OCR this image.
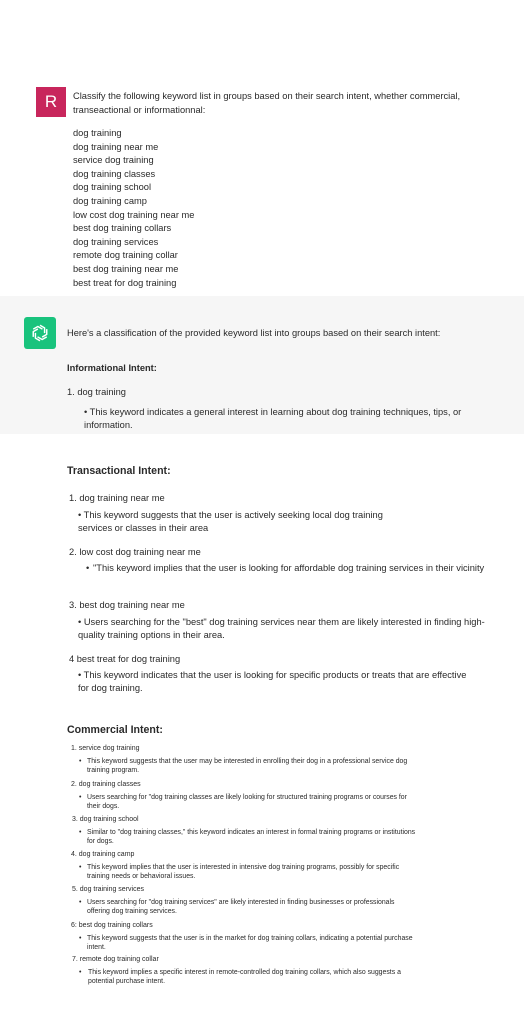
R	Classify the following keyword list in groups based on their search intent, whether commercial, transeactional or informationnal:
dog training
dog training near me
service dog training
dog training classes
dog training school
dog training camp
low cost dog training near me
best dog training collars
dog training services
remote dog training collar
best dog training near me
best treat for dog training
Here's a classification of the provided keyword list into groups based on their search intent:
Informational Intent:
1. dog training
• This keyword indicates a general interest in learning about dog training techniques, tips, or information.
Transactional Intent:
1. dog training near me
• This keyword suggests that the user is actively seeking local dog training services or classes in their area
2. low cost dog training near me
• "This keyword implies that the user is looking for affordable dog training services in their vicinity
3. best dog training near me
• Users searching for the "best" dog training services near them are likely interested in finding high-quality training options in their area.
4 best treat for dog training
• This keyword indicates that the user is looking for specific products or treats that are effective for dog training.
Commercial Intent:
1. service dog training
• This keyword suggests that the user may be interested in enrolling their dog in a professional service dog training program.
2. dog training classes
• Users searching for "dog training classes are likely looking for structured training programs or courses for their dogs.
3. dog training school
• Similar to "dog training classes," this keyword indicates an interest in formal training programs or institutions for dogs.
4. dog training camp
• This keyword implies that the user is interested in intensive dog training programs, possibly for specific training needs or behavioral issues.
5. dog training services
• Users searching for "dog training services" are likely interested in finding businesses or professionals offering dog training services.
6: best dog training collars
• This keyword suggests that the user is in the market for dog training collars, indicating a potential purchase intent.
7. remote dog training collar
• This keyword implies a specific interest in remote-controlled dog training collars, which also suggests a potential purchase intent.
